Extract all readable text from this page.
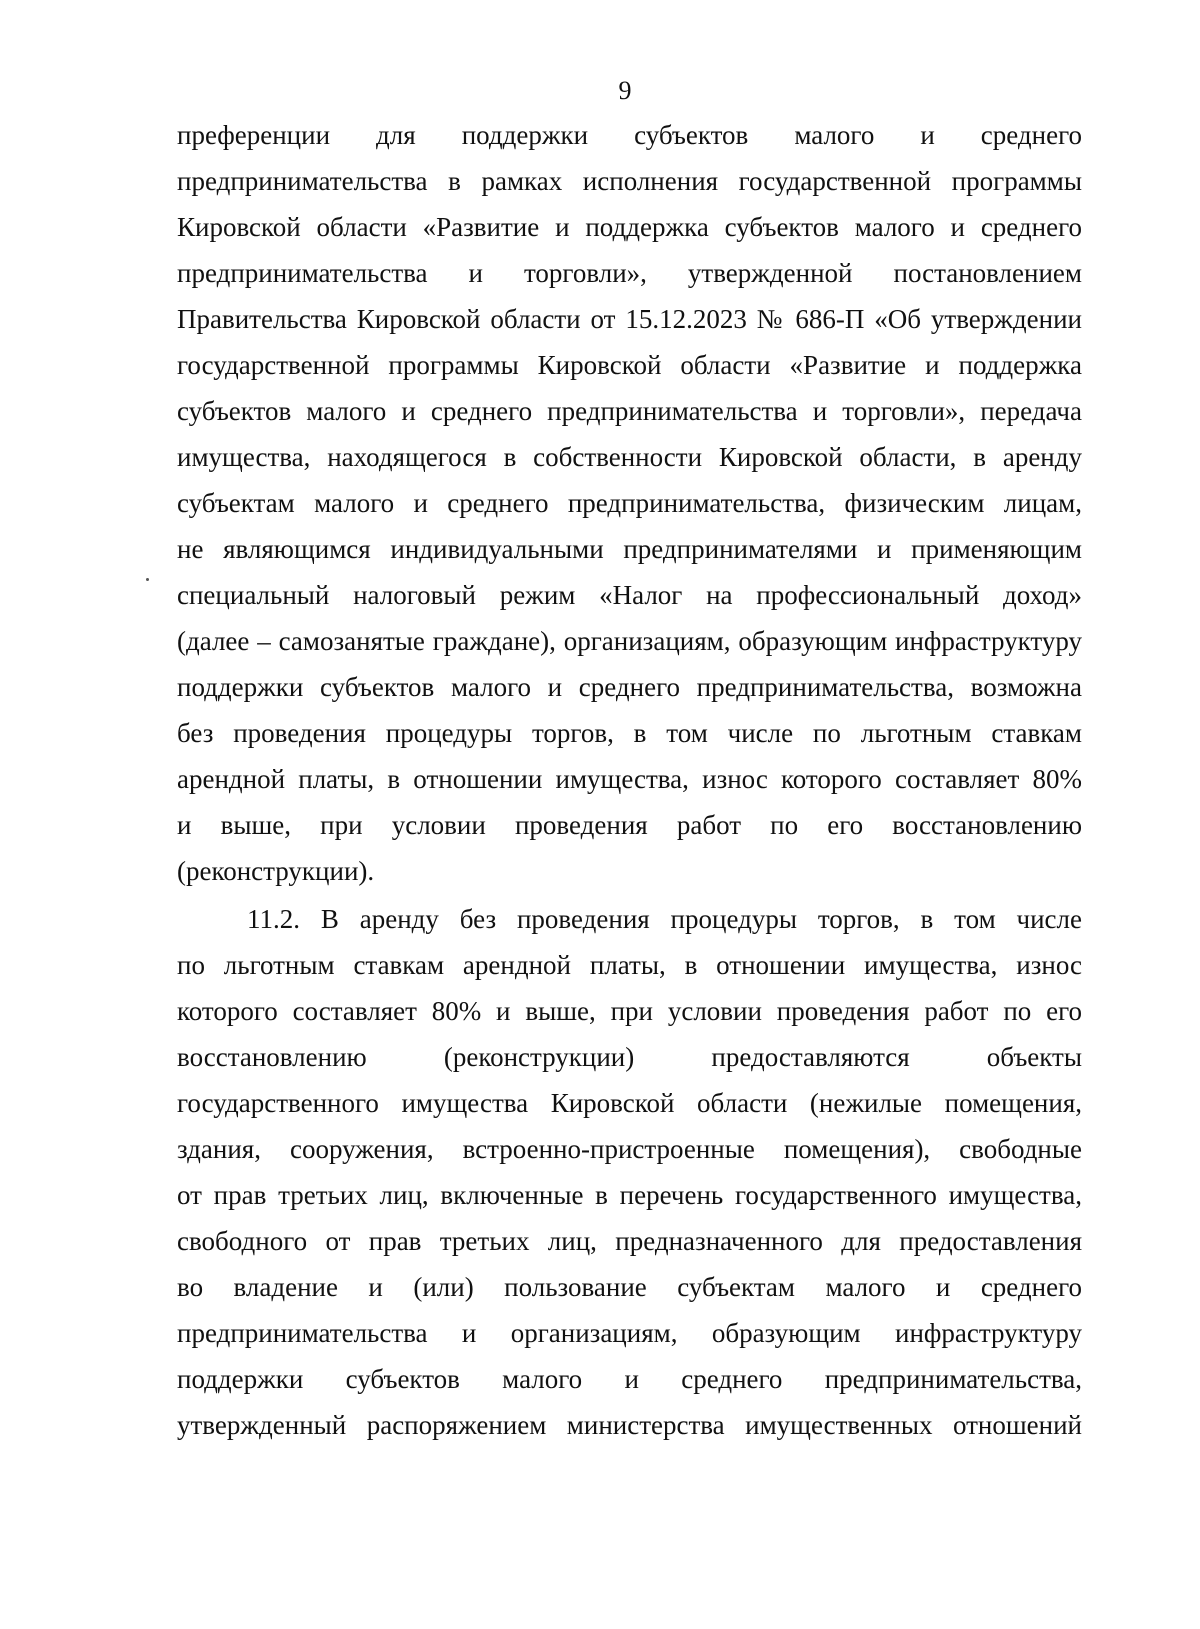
9
преференции для поддержки субъектов малого и среднего
предпринимательства в рамках исполнения государственной программы
Кировской области «Развитие и поддержка субъектов малого и среднего
предпринимательства и торговли», утвержденной постановлением
Правительства Кировской области от 15.12.2023 № 686-П «Об утверждении
государственной программы Кировской области «Развитие и поддержка
субъектов малого и среднего предпринимательства и торговли», передача
имущества, находящегося в собственности Кировской области, в аренду
субъектам малого и среднего предпринимательства, физическим лицам,
не являющимся индивидуальными предпринимателями и применяющим
специальный налоговый режим «Налог на профессиональный доход»
(далее – самозанятые граждане), организациям, образующим инфраструктуру
поддержки субъектов малого и среднего предпринимательства, возможна
без проведения процедуры торгов, в том числе по льготным ставкам
арендной платы, в отношении имущества, износ которого составляет 80%
и выше, при условии проведения работ по его восстановлению
(реконструкции).
11.2. В аренду без проведения процедуры торгов, в том числе
по льготным ставкам арендной платы, в отношении имущества, износ
которого составляет 80% и выше, при условии проведения работ по его
восстановлению (реконструкции) предоставляются объекты
государственного имущества Кировской области (нежилые помещения,
здания, сооружения, встроенно-пристроенные помещения), свободные
от прав третьих лиц, включенные в перечень государственного имущества,
свободного от прав третьих лиц, предназначенного для предоставления
во владение и (или) пользование субъектам малого и среднего
предпринимательства и организациям, образующим инфраструктуру
поддержки субъектов малого и среднего предпринимательства,
утвержденный распоряжением министерства имущественных отношений
